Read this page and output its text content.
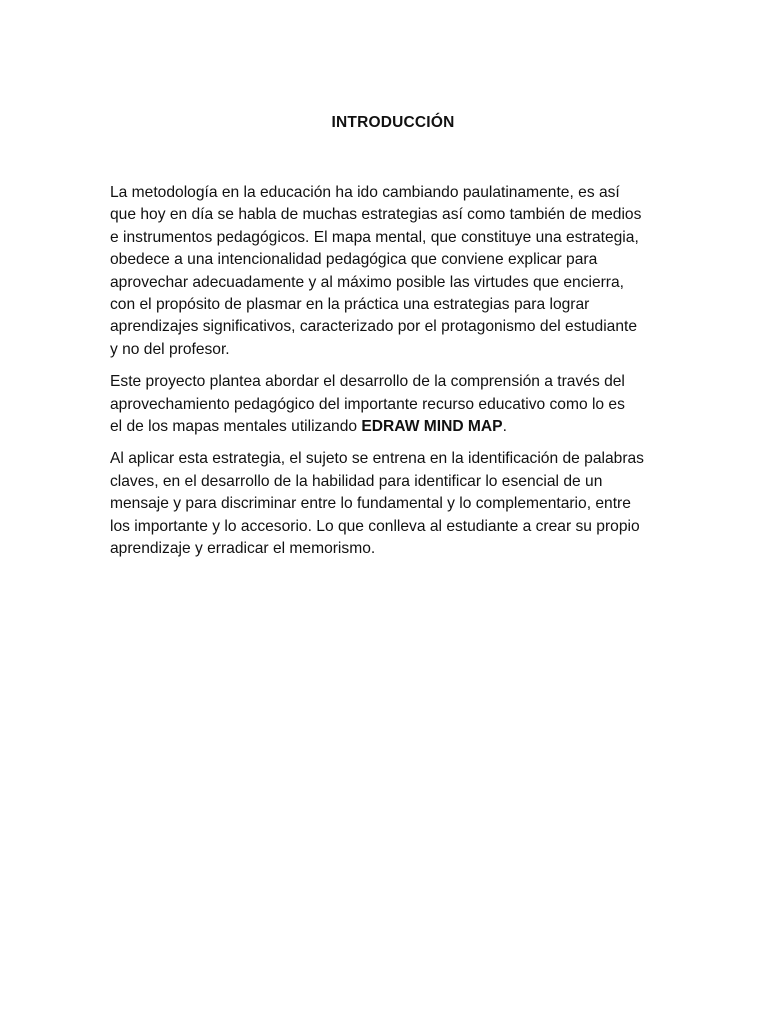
INTRODUCCIÓN

La metodología en la educación ha ido cambiando paulatinamente, es así
que hoy en día se habla de muchas estrategias así como también de medios
e instrumentos pedagógicos. El mapa mental, que constituye una estrategia,
obedece a una intencionalidad pedagógica que conviene explicar para
aprovechar adecuadamente y al máximo posible las virtudes que encierra,
con el propósito de plasmar en la práctica una estrategias para lograr
aprendizajes significativos, caracterizado por el protagonismo del estudiante
y no del profesor.

Este proyecto plantea abordar el desarrollo de la comprensión a través del
aprovechamiento pedagógico del importante recurso educativo como lo es
el de los mapas mentales utilizando EDRAW MIND MAP.

Al aplicar esta estrategia, el sujeto se entrena en la identificación de palabras
claves, en el desarrollo de la habilidad para identificar lo esencial de un
mensaje y para discriminar entre lo fundamental y lo complementario, entre
los importante y lo accesorio. Lo que conlleva al estudiante a crear su propio
aprendizaje y erradicar el memorismo.
